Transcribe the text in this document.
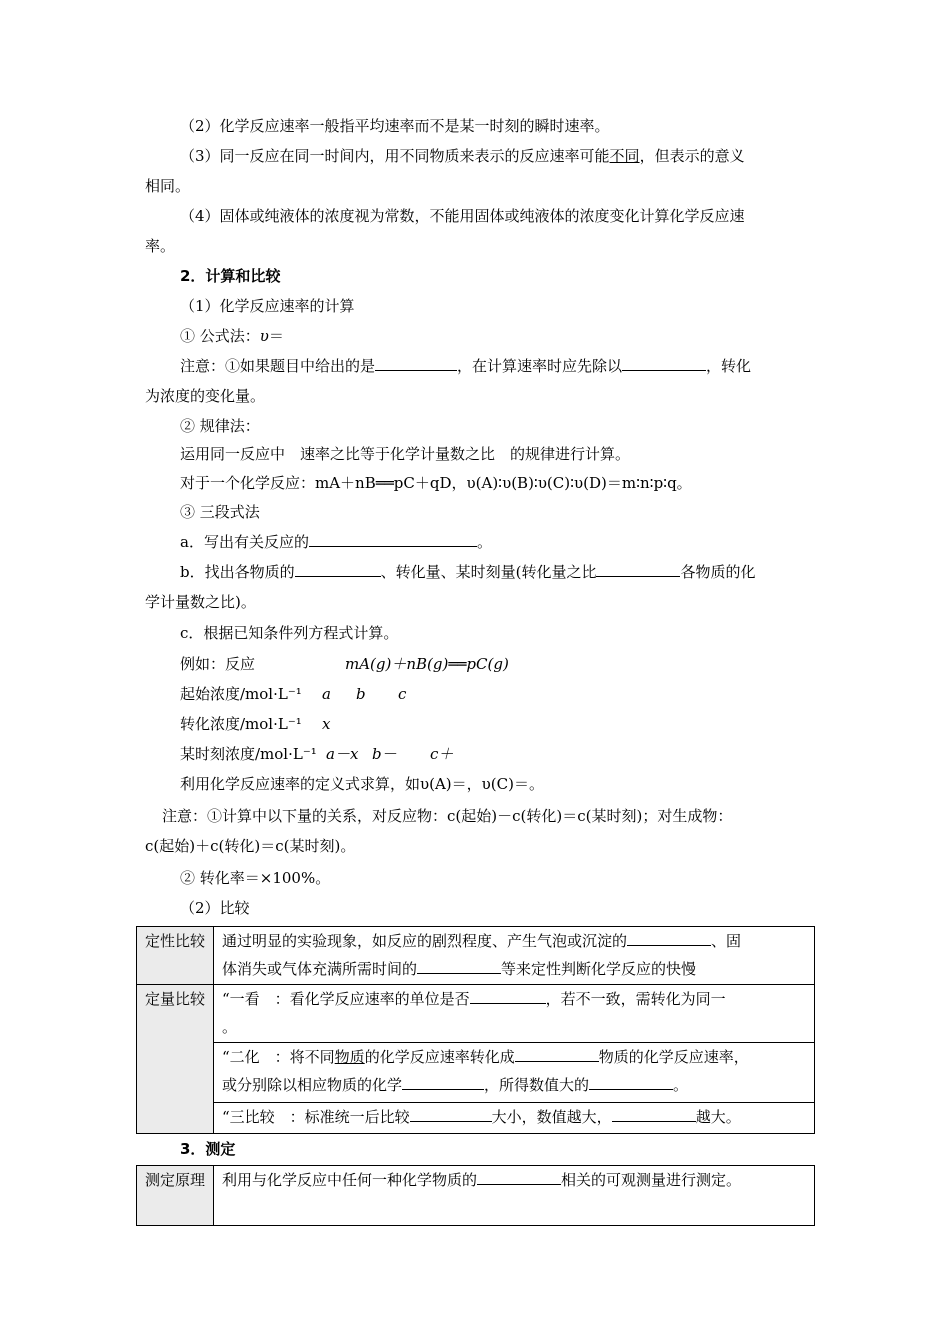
（2）化学反应速率一般指平均速率而不是某一时刻的瞬时速率。
（3）同一反应在同一时间内，用不同物质来表示的反应速率可能不同，但表示的意义
相同。
（4）固体或纯液体的浓度视为常数，不能用固体或纯液体的浓度变化计算化学反应速
率。
2．计算和比较
（1）化学反应速率的计算
① 公式法：υ＝
注意：①如果题目中给出的是	，在计算速率时应先除以	，转化
为浓度的变化量。
② 规律法：
运用同一反应中　速率之比等于化学计量数之比　的规律进行计算。
对于一个化学反应：mA＋nB══pC＋qD，υ(A)∶υ(B)∶υ(C)∶υ(D)＝m∶n∶p∶q。
③ 三段式法
a．写出有关反应的	。
b．找出各物质的	、转化量、某时刻量(转化量之比	各物质的化
学计量数之比)。
c．根据已知条件列方程式计算。
例如：反应	mA(g)＋nB(g)══pC(g)
起始浓度/mol·L⁻¹ a b c
转化浓度/mol·L⁻¹ x
某时刻浓度/mol·L⁻¹ a－x b－ c＋
利用化学反应速率的定义式求算，如υ(A)＝，υ(C)＝。
注意：①计算中以下量的关系，对反应物：c(起始)－c(转化)＝c(某时刻)；对生成物：
c(起始)＋c(转化)＝c(某时刻)。
② 转化率＝×100%。
（2）比较
定性比较	通过明显的实验现象，如反应的剧烈程度、产生气泡或沉淀的 、固
体消失或气体充满所需时间的 等来定性判断化学反应的快慢

定量比较	“一看　：看化学反应速率的单位是否 ，若不一致，需转化为同一
。

	“二化　：将不同物质的化学反应速率转化成 物质的化学反应速率，
或分别除以相应物质的化学 ，所得数值大的 。

	“三比较　：标准统一后比较 大小，数值越大， 越大。
3．测定
测定原理	利用与化学反应中任何一种化学物质的	相关的可观测量进行测定。
